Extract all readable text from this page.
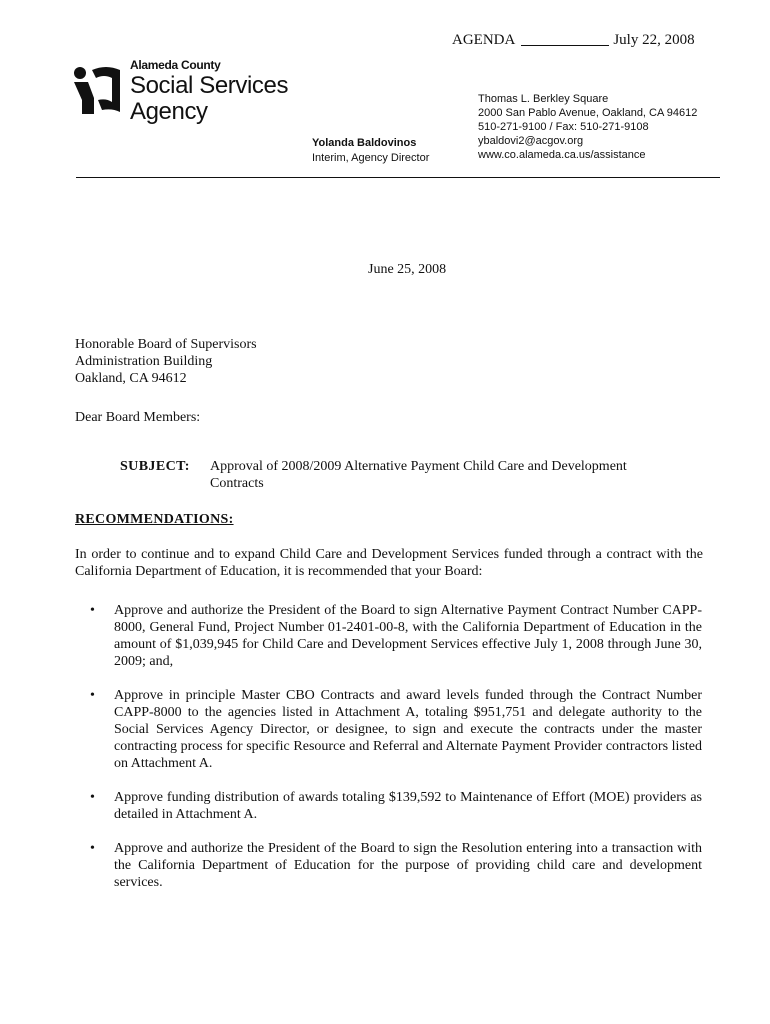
AGENDA	July 22, 2008
Alameda County
Social Services
Agency
Yolanda Baldovinos
Interim, Agency Director
Thomas L. Berkley Square
2000 San Pablo Avenue, Oakland, CA 94612
510-271-9100 / Fax: 510-271-9108
ybaldovi2@acgov.org
www.co.alameda.ca.us/assistance
June 25, 2008
Honorable Board of Supervisors
Administration Building
Oakland, CA 94612
Dear Board Members:
SUBJECT: Approval of 2008/2009 Alternative Payment Child Care and Development Contracts
RECOMMENDATIONS:
In order to continue and to expand Child Care and Development Services funded through a contract with the California Department of Education, it is recommended that your Board:
• Approve and authorize the President of the Board to sign Alternative Payment Contract Number CAPP-8000, General Fund, Project Number 01-2401-00-8, with the California Department of Education in the amount of $1,039,945 for Child Care and Development Services effective July 1, 2008 through June 30, 2009; and,
• Approve in principle Master CBO Contracts and award levels funded through the Contract Number CAPP-8000 to the agencies listed in Attachment A, totaling $951,751 and delegate authority to the Social Services Agency Director, or designee, to sign and execute the contracts under the master contracting process for specific Resource and Referral and Alternate Payment Provider contractors listed on Attachment A.
• Approve funding distribution of awards totaling $139,592 to Maintenance of Effort (MOE) providers as detailed in Attachment A.
• Approve and authorize the President of the Board to sign the Resolution entering into a transaction with the California Department of Education for the purpose of providing child care and development services.
